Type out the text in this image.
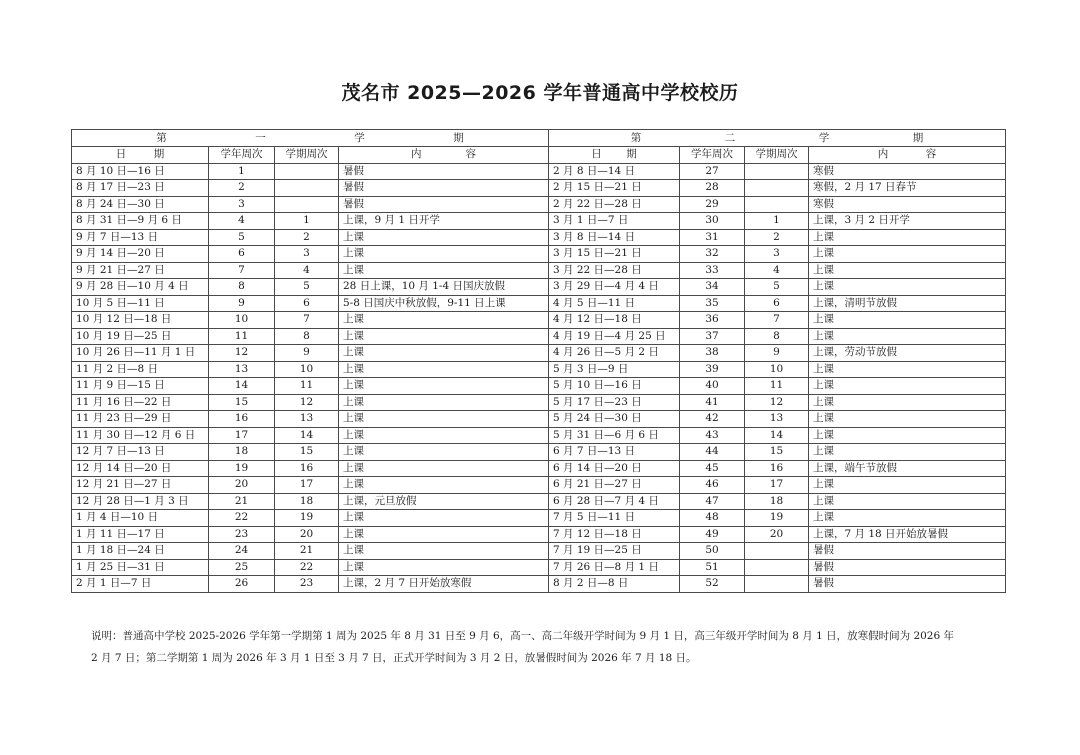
茂名市 2025—2026 学年普通高中学校校历
第 一 学 期				第 二 学 期			

日 期	学年周次	学期周次	内 容	日 期	学年周次	学期周次	内 容

8 月 10 日—16 日	1		暑假	2 月 8 日—14 日	27		寒假
8 月 17 日—23 日	2		暑假	2 月 15 日—21 日	28		寒假，2 月 17 日春节
8 月 24 日—30 日	3		暑假	2 月 22 日—28 日	29		寒假
8 月 31 日—9 月 6 日	4	1	上课，9 月 1 日开学	3 月 1 日—7 日	30	1	上课，3 月 2 日开学
9 月 7 日—13 日	5	2	上课	3 月 8 日—14 日	31	2	上课
9 月 14 日—20 日	6	3	上课	3 月 15 日—21 日	32	3	上课
9 月 21 日—27 日	7	4	上课	3 月 22 日—28 日	33	4	上课
9 月 28 日—10 月 4 日	8	5	28 日上课，10 月 1-4 日国庆放假	3 月 29 日—4 月 4 日	34	5	上课
10 月 5 日—11 日	9	6	5-8 日国庆中秋放假，9-11 日上课	4 月 5 日—11 日	35	6	上课，清明节放假
10 月 12 日—18 日	10	7	上课	4 月 12 日—18 日	36	7	上课
10 月 19 日—25 日	11	8	上课	4 月 19 日—4 月 25 日	37	8	上课
10 月 26 日—11 月 1 日	12	9	上课	4 月 26 日—5 月 2 日	38	9	上课，劳动节放假
11 月 2 日—8 日	13	10	上课	5 月 3 日—9 日	39	10	上课
11 月 9 日—15 日	14	11	上课	5 月 10 日—16 日	40	11	上课
11 月 16 日—22 日	15	12	上课	5 月 17 日—23 日	41	12	上课
11 月 23 日—29 日	16	13	上课	5 月 24 日—30 日	42	13	上课
11 月 30 日—12 月 6 日	17	14	上课	5 月 31 日—6 月 6 日	43	14	上课
12 月 7 日—13 日	18	15	上课	6 月 7 日—13 日	44	15	上课
12 月 14 日—20 日	19	16	上课	6 月 14 日—20 日	45	16	上课，端午节放假
12 月 21 日—27 日	20	17	上课	6 月 21 日—27 日	46	17	上课
12 月 28 日—1 月 3 日	21	18	上课，元旦放假	6 月 28 日—7 月 4 日	47	18	上课
1 月 4 日—10 日	22	19	上课	7 月 5 日—11 日	48	19	上课
1 月 11 日—17 日	23	20	上课	7 月 12 日—18 日	49	20	上课，7 月 18 日开始放暑假
1 月 18 日—24 日	24	21	上课	7 月 19 日—25 日	50		暑假
1 月 25 日—31 日	25	22	上课	7 月 26 日—8 月 1 日	51		暑假
2 月 1 日—7 日	26	23	上课，2 月 7 日开始放寒假	8 月 2 日—8 日	52		暑假
说明：普通高中学校 2025-2026 学年第一学期第 1 周为 2025 年 8 月 31 日至 9 月 6，高一、高二年级开学时间为 9 月 1 日，高三年级开学时间为 8 月 1 日，放寒假时间为 2026 年
2 月 7 日；第二学期第 1 周为 2026 年 3 月 1 日至 3 月 7 日，正式开学时间为 3 月 2 日，放暑假时间为 2026 年 7 月 18 日。
